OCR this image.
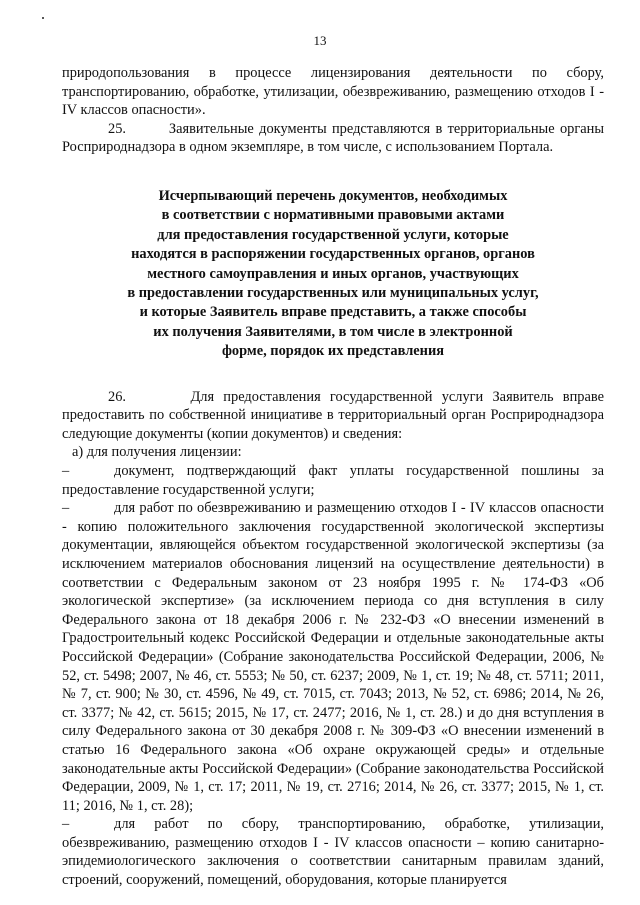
13

природопользования в процессе лицензирования деятельности по сбору, транспортированию, обработке, утилизации, обезвреживанию, размещению отходов I - IV классов опасности».

25.        Заявительные документы представляются в территориальные органы Росприроднадзора в одном экземпляре, в том числе, с использованием Портала.

Исчерпывающий перечень документов, необходимых
в соответствии с нормативными правовыми актами
для предоставления государственной услуги, которые
находятся в распоряжении государственных органов, органов
местного самоуправления и иных органов, участвующих
в предоставлении государственных или муниципальных услуг,
и которые Заявитель вправе представить, а также способы
их получения Заявителями, в том числе в электронной
форме, порядок их представления

26.       Для предоставления государственной услуги Заявитель вправе предоставить по собственной инициативе в территориальный орган Росприроднадзора следующие документы (копии документов) и сведения:

а) для получения лицензии:

–	документ, подтверждающий факт уплаты государственной пошлины за предоставление государственной услуги;

–	для работ по обезвреживанию и размещению отходов I - IV классов опасности - копию положительного заключения государственной экологической экспертизы документации, являющейся объектом государственной экологической экспертизы (за исключением материалов обоснования лицензий на осуществление деятельности) в соответствии с Федеральным законом от 23 ноября 1995 г. № 174-ФЗ «Об экологической экспертизе» (за исключением периода со дня вступления в силу Федерального закона от 18 декабря 2006 г. № 232-ФЗ «О внесении изменений в Градостроительный кодекс Российской Федерации и отдельные законодательные акты Российской Федерации» (Собрание законодательства Российской Федерации, 2006, № 52, ст. 5498; 2007, № 46, ст. 5553; № 50, ст. 6237; 2009, № 1, ст. 19; № 48, ст. 5711; 2011, № 7, ст. 900; № 30, ст. 4596, № 49, ст. 7015, ст. 7043; 2013, № 52, ст. 6986; 2014, № 26, ст. 3377; № 42, ст. 5615; 2015, № 17, ст. 2477; 2016, № 1, ст. 28.) и до дня вступления в силу Федерального закона от 30 декабря 2008 г. № 309-ФЗ «О внесении изменений в статью 16 Федерального закона «Об охране окружающей среды» и отдельные законодательные акты Российской Федерации» (Собрание законодательства Российской Федерации, 2009, № 1, ст. 17; 2011, № 19, ст. 2716; 2014, № 26, ст. 3377; 2015, № 1, ст. 11; 2016, № 1, ст. 28);

–	для работ по сбору, транспортированию, обработке, утилизации, обезвреживанию, размещению отходов I - IV классов опасности – копию санитарно-эпидемиологического заключения о соответствии санитарным правилам зданий, строений, сооружений, помещений, оборудования, которые планируется
